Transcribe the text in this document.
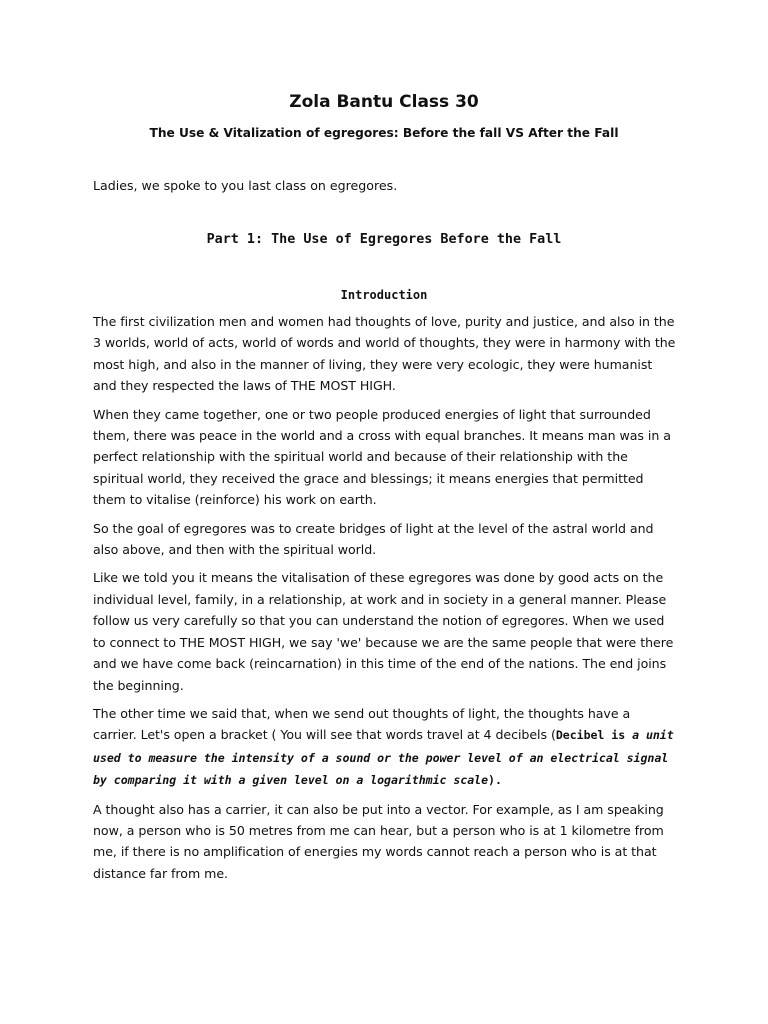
Zola Bantu Class 30
The Use & Vitalization of egregores: Before the fall VS After the Fall

Ladies, we spoke to you last class on egregores.

Part 1: The Use of Egregores Before the Fall
Introduction

The first civilization men and women had thoughts of love, purity and justice, and also in the 3 worlds, world of acts, world of words and world of thoughts, they were in harmony with the most high, and also in the manner of living, they were very ecologic, they were humanist and they respected the laws of THE MOST HIGH.

When they came together, one or two people produced energies of light that surrounded them, there was peace in the world and a cross with equal branches. It means man was in a perfect relationship with the spiritual world and because of their relationship with the spiritual world, they received the grace and blessings; it means energies that permitted them to vitalise (reinforce) his work on earth.

So the goal of egregores was to create bridges of light at the level of the astral world and also above, and then with the spiritual world.

Like we told you it means the vitalisation of these egregores was done by good acts on the individual level, family, in a relationship, at work and in society in a general manner. Please follow us very carefully so that you can understand the notion of egregores. When we used to connect to THE MOST HIGH, we say 'we' because we are the same people that were there and we have come back (reincarnation) in this time of the end of the nations. The end joins the beginning.

The other time we said that, when we send out thoughts of light, the thoughts have a carrier. Let's open a bracket ( You will see that words travel at 4 decibels (Decibel is a unit used to measure the intensity of a sound or the power level of an electrical signal by comparing it with a given level on a logarithmic scale).

A thought also has a carrier, it can also be put into a vector. For example, as I am speaking now, a person who is 50 metres from me can hear, but a person who is at 1 kilometre from me, if there is no amplification of energies my words cannot reach a person who is at that distance far from me.
